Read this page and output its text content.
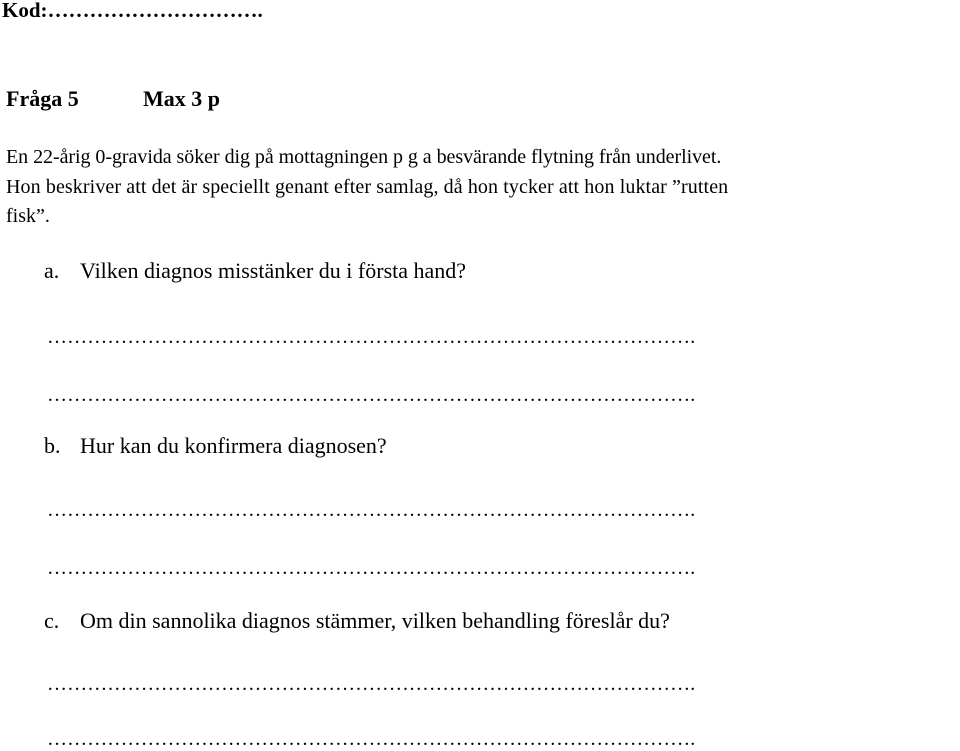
Kod:………………………….
Fråga 5	Max 3 p
En 22-årig 0-gravida söker dig på mottagningen p g a besvärande flytning från underlivet.
Hon beskriver att det är speciellt genant efter samlag, då hon tycker att hon luktar ”rutten
fisk”.
a. Vilken diagnos misstänker du i första hand?
…………………………………………………………………………………….
…………………………………………………………………………………….
b. Hur kan du konfirmera diagnosen?
…………………………………………………………………………………….
…………………………………………………………………………………….
c. Om din sannolika diagnos stämmer, vilken behandling föreslår du?
…………………………………………………………………………………….
…………………………………………………………………………………….
